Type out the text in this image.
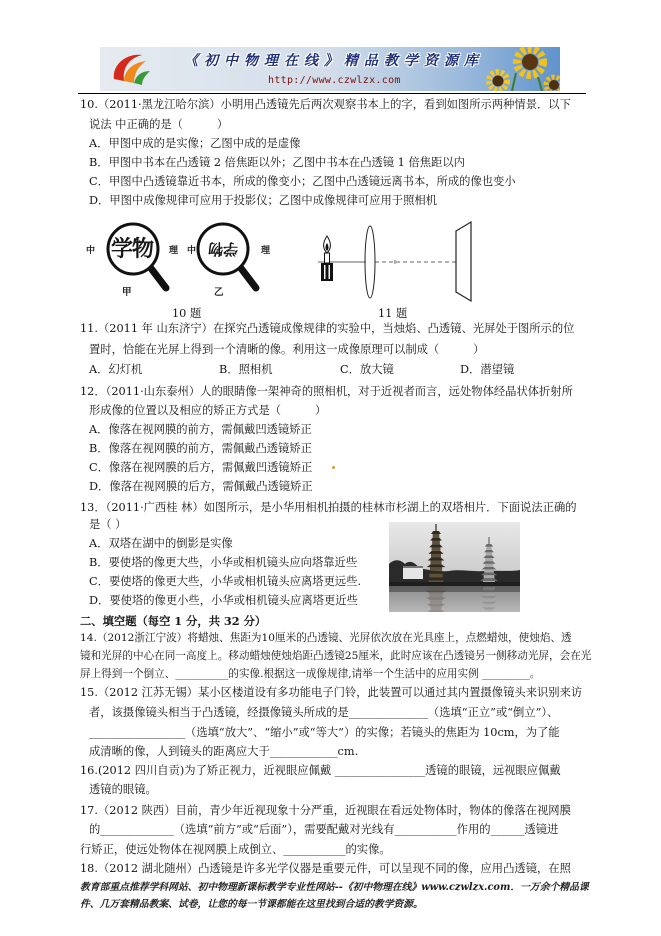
《初中物理在线》精品教学资源库
http://www.czwlzx.com
10.（2011·黑龙江哈尔滨）小明用凸透镜先后两次观察书本上的字，看到如图所示两种情景．以下
说法 中正确的是（　　　）
A．甲图中成的是实像；乙图中成的是虚像
B．甲图中书本在凸透镜 2 倍焦距以外；乙图中书本在凸透镜 1 倍焦距以内
C．甲图中凸透镜靠近书本，所成的像变小；乙图中凸透镜远离书本，所成的像也变小
D．甲图中成像规律可应用于投影仪；乙图中成像规律可应用于照相机
中 学物 理
甲
中 学物	理
乙
10 题	11 题
11.（2011 年 山东济宁）在探究凸透镜成像规律的实验中，当烛焰、凸透镜、光屏处于图所示的位
置时，恰能在光屏上得到一个清晰的像。利用这一成像原理可以制成（　　　）
A．幻灯机	B．照相机	C．放大镜	D．潜望镜
12．（2011·山东泰州）人的眼睛像一架神奇的照相机，对于近视者而言，远处物体经晶状体折射所
形成像的位置以及相应的矫正方式是（　　　）
A．像落在视网膜的前方，需佩戴凹透镜矫正
B．像落在视网膜的前方，需佩戴凸透镜矫正
C．像落在视网膜的后方，需佩戴凹透镜矫正
D．像落在视网膜的后方，需佩戴凸透镜矫正
13．（2011·广西桂 林）如图所示，是小华用相机拍摄的桂林市杉湖上的双塔相片．下面说法正确的
是（ ）
A．双塔在湖中的倒影是实像
B．要使塔的像更大些，小华或相机镜头应向塔靠近些
C．要使塔的像更大些，小华或相机镜头应离塔更远些.
D．要使塔的像更小些，小华或相机镜头应离塔更近些
二、填空题（每空 1 分，共 32 分）
14.（2012浙江宁波）将蜡烛、焦距为10厘米的凸透镜、光屏依次放在光具座上，点燃蜡烛，使烛焰、透
镜和光屏的中心在同一高度上。移动蜡烛使烛焰距凸透镜25厘米，此时应该在凸透镜另一侧移动光屏，会在光
屏上得到一个倒立、__________的实像.根据这一成像规律,请举一个生活中的应用实例 _________。
15.（2012 江苏无锡）某小区楼道设有多功能电子门铃，此装置可以通过其内置摄像镜头来识别来访
者，该摄像镜头相当于凸透镜，经摄像镜头所成的是______________（选填“正立”或“倒立”）、
_________________（选填“放大”、“缩小”或“等大”）的实像；若镜头的焦距为 10cm，为了能
成清晰的像，人到镜头的距离应大于____________cm.
16.(2012 四川自贡)为了矫正视力，近视眼应佩戴 ________________透镜的眼镜，远视眼应佩戴
透镜的眼镜。
17.（2012 陕西）目前，青少年近视现象十分严重，近视眼在看远处物体时，物体的像落在视网膜
的_____________（选填“前方”或“后面”），需要配戴对光线有___________作用的______透镜进
行矫正，使远处物体在视网膜上成倒立、___________的实像。
18.（2012 湖北随州）凸透镜是许多光学仪器是重要元件，可以呈现不同的像，应用凸透镜，在照
教育部重点推荐学科网站、初中物理新课标教学专业性网站--《初中物理在线》www.czwlzx.com．一万余个精品课
件、几万套精品教案、试卷，让您的每一节课都能在这里找到合适的教学资源。
